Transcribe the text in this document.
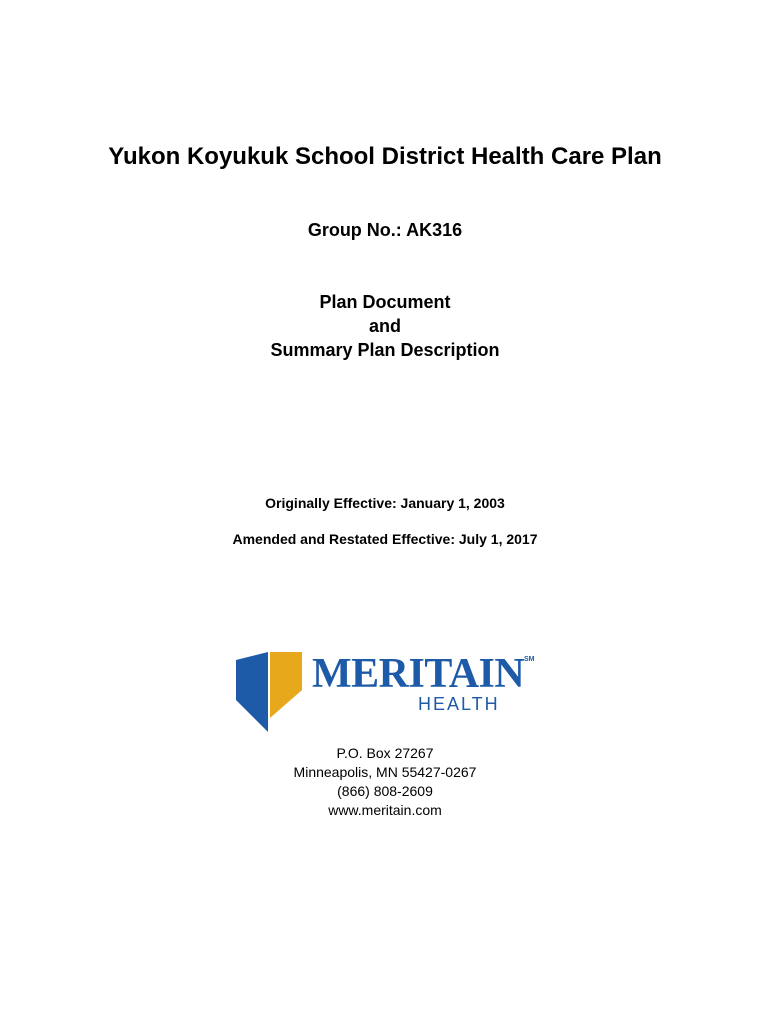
Yukon Koyukuk School District Health Care Plan
Group No.: AK316
Plan Document
and
Summary Plan Description
Originally Effective: January 1, 2003
Amended and Restated Effective: July 1, 2017
MERITAIN SM
HEALTH
P.O. Box 27267
Minneapolis, MN 55427-0267
(866) 808-2609
www.meritain.com
